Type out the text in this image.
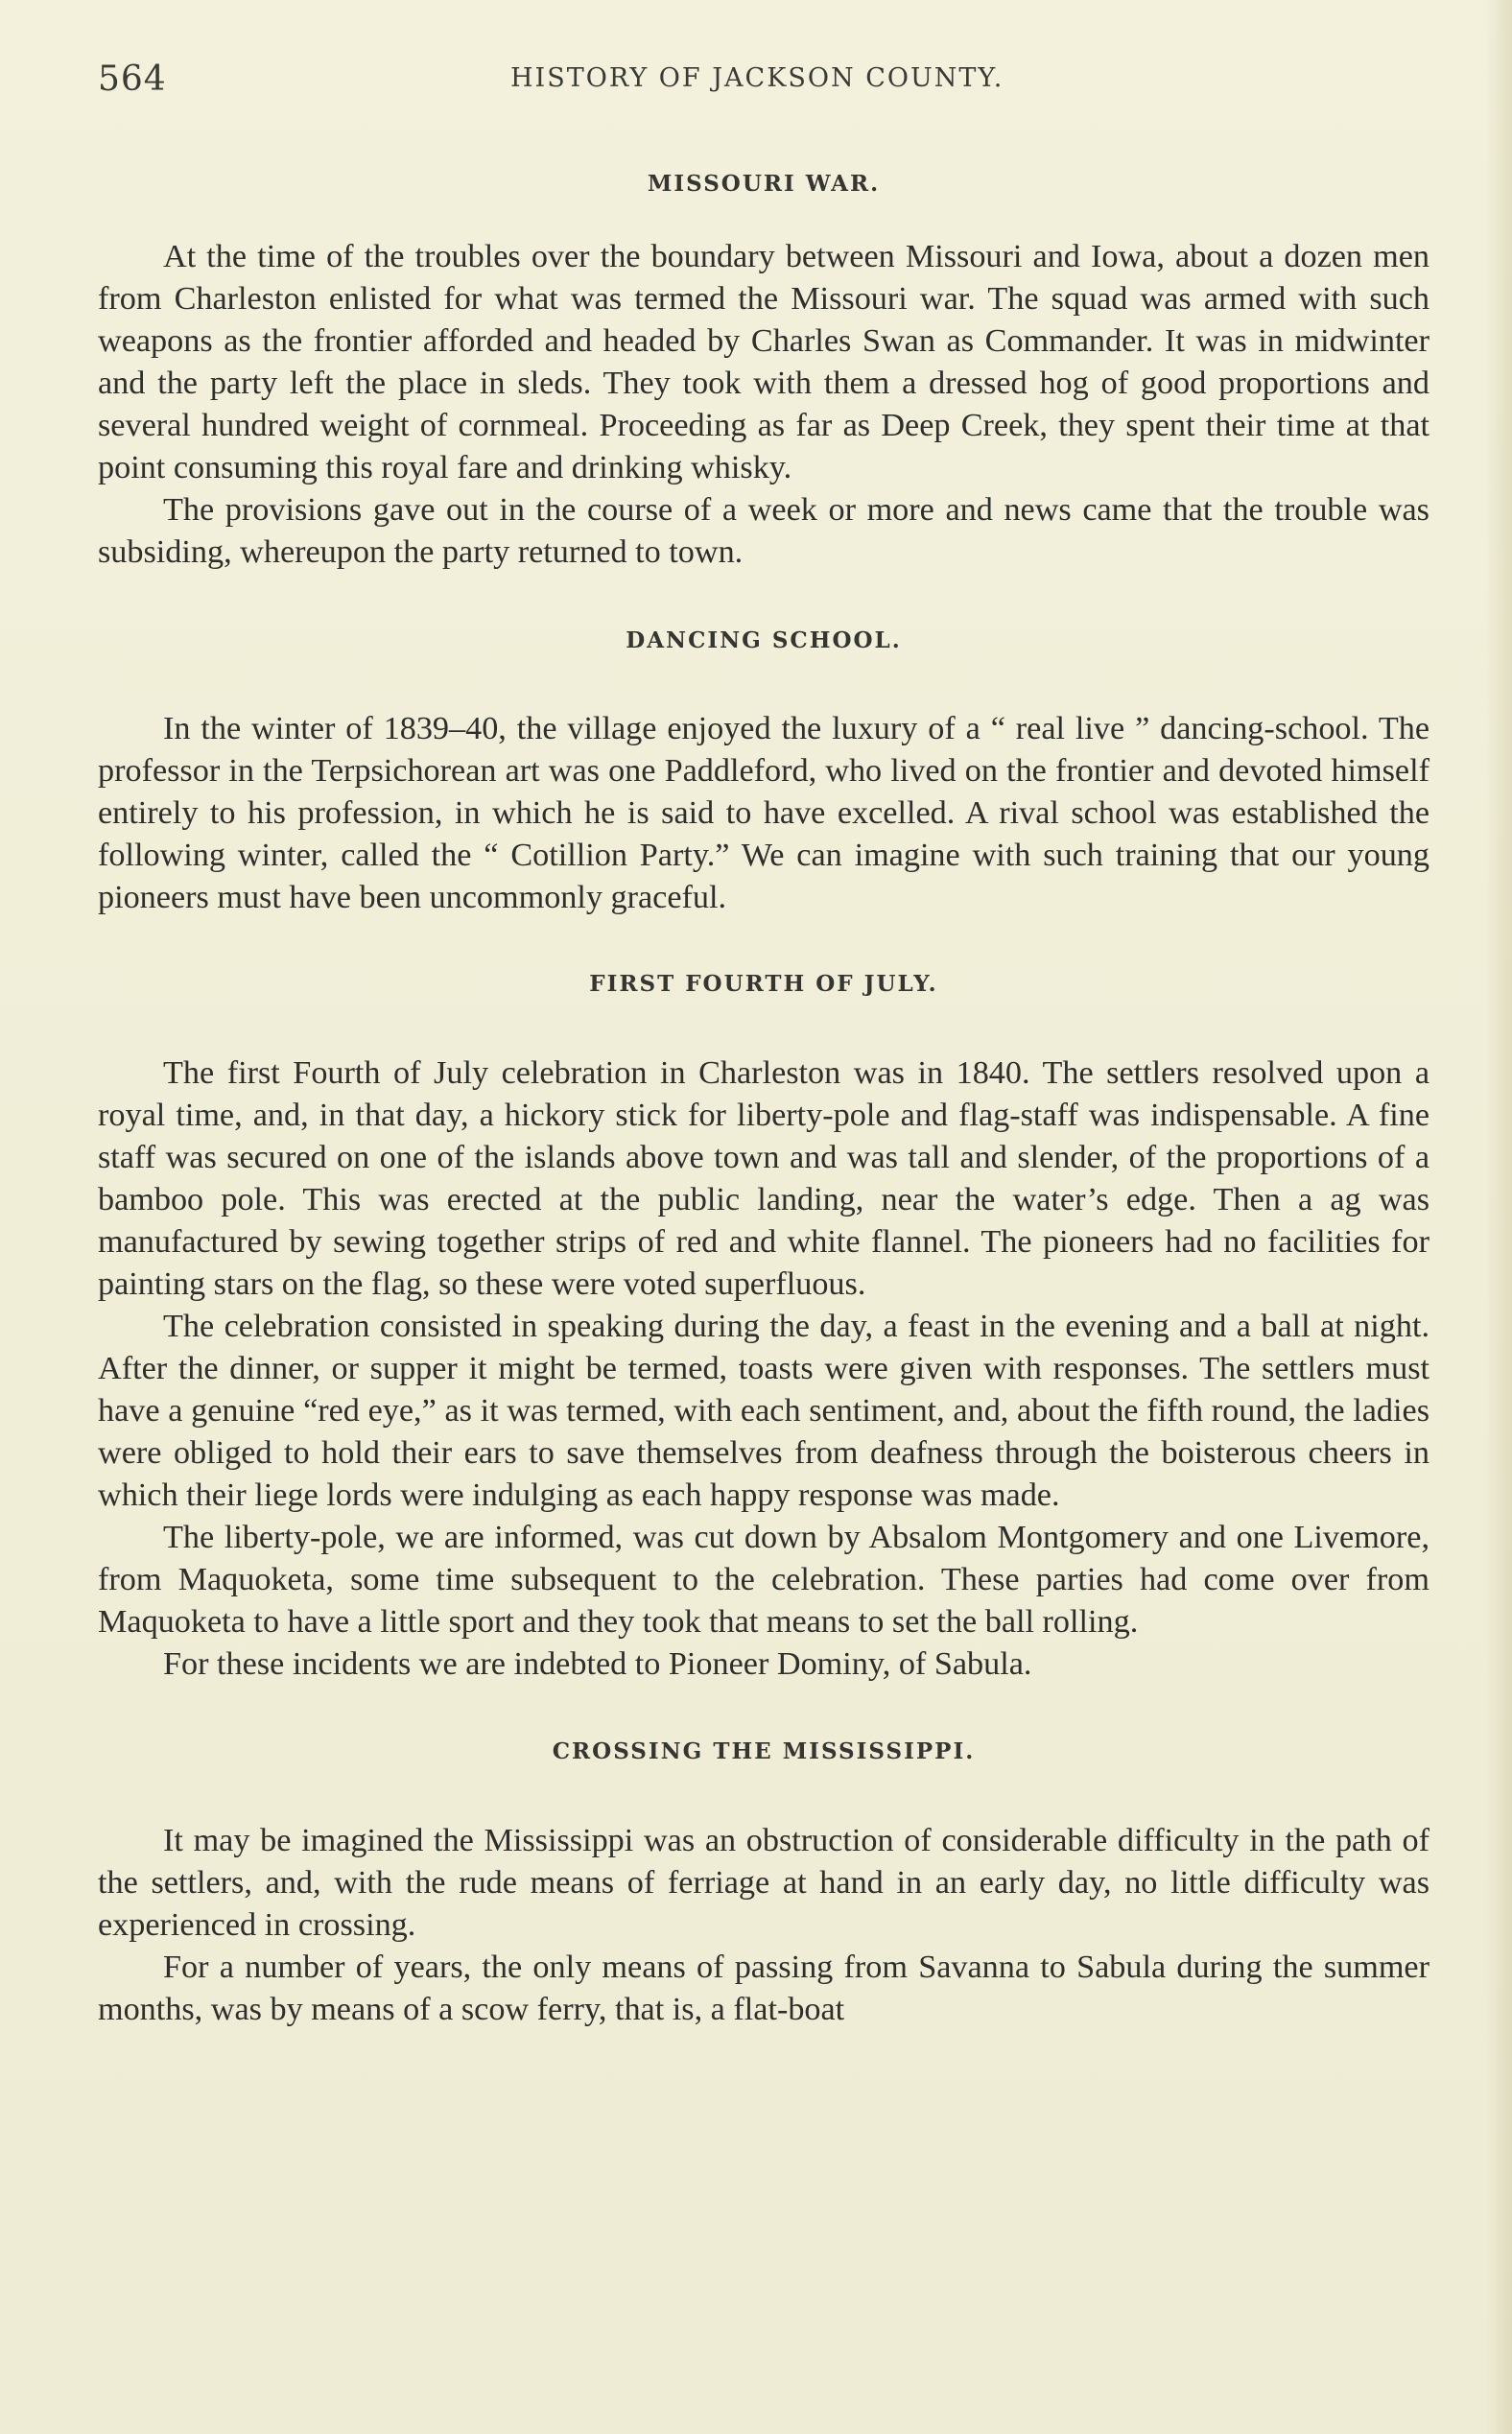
564	HISTORY OF JACKSON COUNTY.
MISSOURI WAR.

At the time of the troubles over the boundary between Missouri and Iowa, about a dozen men from Charleston enlisted for what was termed the Missouri war. The squad was armed with such weapons as the frontier afforded and headed by Charles Swan as Commander. It was in midwinter and the party left the place in sleds. They took with them a dressed hog of good proportions and several hundred weight of cornmeal. Proceeding as far as Deep Creek, they spent their time at that point consuming this royal fare and drinking whisky.

The provisions gave out in the course of a week or more and news came that the trouble was subsiding, whereupon the party returned to town.

DANCING SCHOOL.

In the winter of 1839–40, the village enjoyed the luxury of a “ real live ” dancing-school. The professor in the Terpsichorean art was one Paddleford, who lived on the frontier and devoted himself entirely to his profession, in which he is said to have excelled. A rival school was established the following winter, called the “ Cotillion Party.” We can imagine with such training that our young pioneers must have been uncommonly graceful.

FIRST FOURTH OF JULY.

The first Fourth of July celebration in Charleston was in 1840. The settlers resolved upon a royal time, and, in that day, a hickory stick for liberty-pole and flag-staff was indispensable. A fine staff was secured on one of the islands above town and was tall and slender, of the proportions of a bamboo pole. This was erected at the public landing, near the water’s edge. Then a ag was manufactured by sewing together strips of red and white flannel. The pioneers had no facilities for painting stars on the flag, so these were voted superfluous.

The celebration consisted in speaking during the day, a feast in the evening and a ball at night. After the dinner, or supper it might be termed, toasts were given with responses. The settlers must have a genuine “red eye,” as it was termed, with each sentiment, and, about the fifth round, the ladies were obliged to hold their ears to save themselves from deafness through the boisterous cheers in which their liege lords were indulging as each happy response was made.

The liberty-pole, we are informed, was cut down by Absalom Montgomery and one Livemore, from Maquoketa, some time subsequent to the celebration. These parties had come over from Maquoketa to have a little sport and they took that means to set the ball rolling.

For these incidents we are indebted to Pioneer Dominy, of Sabula.

CROSSING THE MISSISSIPPI.

It may be imagined the Mississippi was an obstruction of considerable difficulty in the path of the settlers, and, with the rude means of ferriage at hand in an early day, no little difficulty was experienced in crossing.

For a number of years, the only means of passing from Savanna to Sabula during the summer months, was by means of a scow ferry, that is, a flat-boat
